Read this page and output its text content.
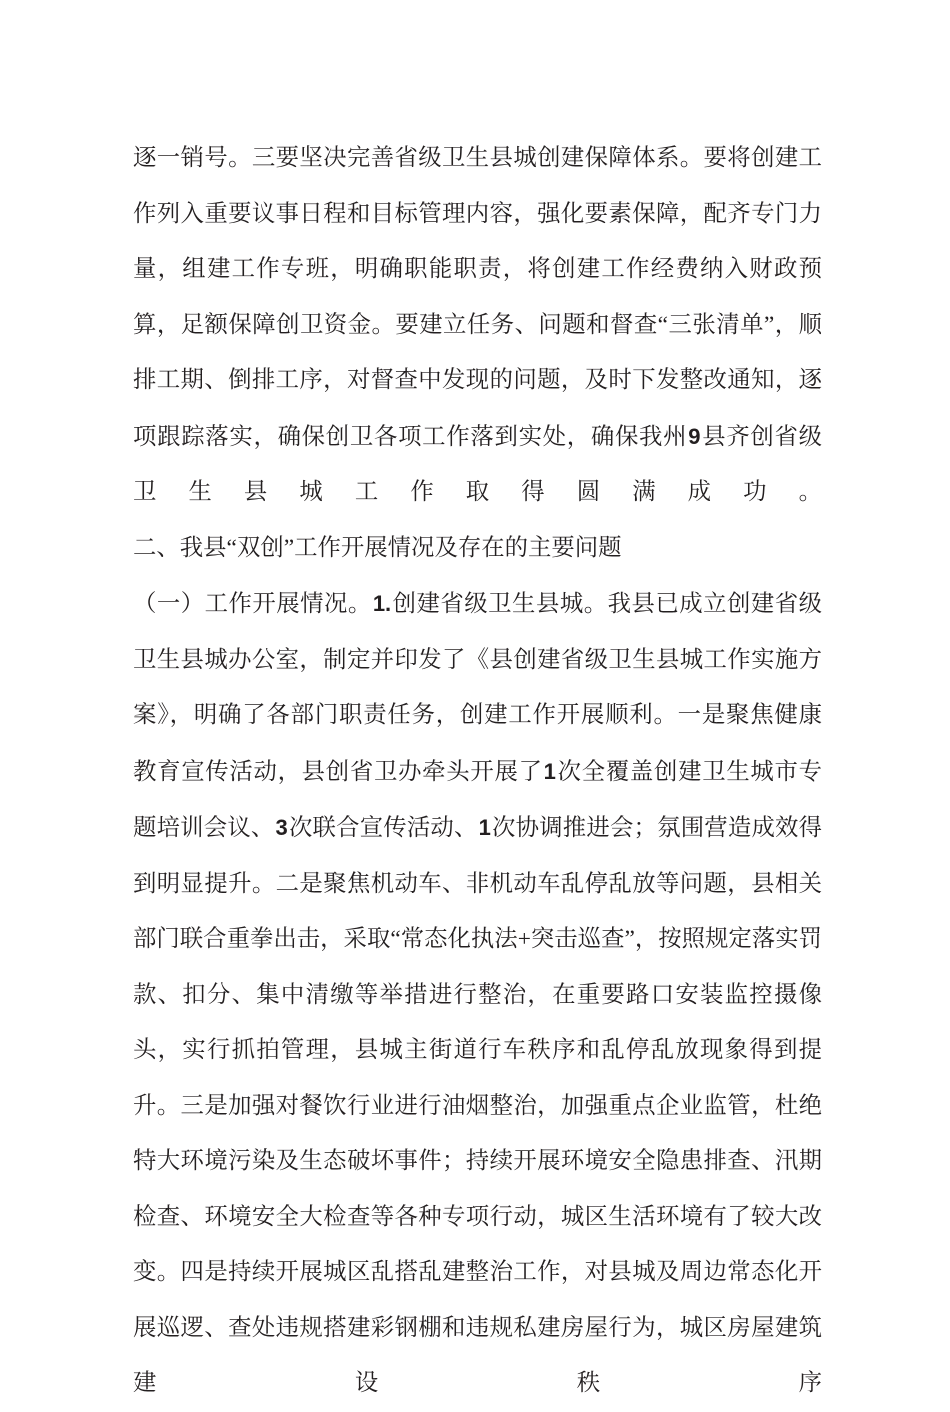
逐一销号。三要坚决完善省级卫生县城创建保障体系。要将创建工作列入重要议事日程和目标管理内容，强化要素保障，配齐专门力量，组建工作专班，明确职能职责，将创建工作经费纳入财政预算，足额保障创卫资金。要建立任务、问题和督查“三张清单”，顺排工期、倒排工序，对督查中发现的问题，及时下发整改通知，逐项跟踪落实，确保创卫各项工作落到实处，确保我州9县齐创省级卫生县城工作取得圆满成功。

二、我县“双创”工作开展情况及存在的主要问题

（一）工作开展情况。1.创建省级卫生县城。我县已成立创建省级卫生县城办公室，制定并印发了《县创建省级卫生县城工作实施方案》，明确了各部门职责任务，创建工作开展顺利。一是聚焦健康教育宣传活动，县创省卫办牵头开展了1次全覆盖创建卫生城市专题培训会议、3次联合宣传活动、1次协调推进会；氛围营造成效得到明显提升。二是聚焦机动车、非机动车乱停乱放等问题，县相关部门联合重拳出击，采取“常态化执法+突击巡查”，按照规定落实罚款、扣分、集中清缴等举措进行整治，在重要路口安装监控摄像头，实行抓拍管理，县城主街道行车秩序和乱停乱放现象得到提升。三是加强对餐饮行业进行油烟整治，加强重点企业监管，杜绝特大环境污染及生态破坏事件；持续开展环境安全隐患排查、汛期检查、环境安全大检查等各种专项行动，城区生活环境有了较大改变。四是持续开展城区乱搭乱建整治工作，对县城及周边常态化开展巡逻、查处违规搭建彩钢棚和违规私建房屋行为，城区房屋建筑建设秩序
